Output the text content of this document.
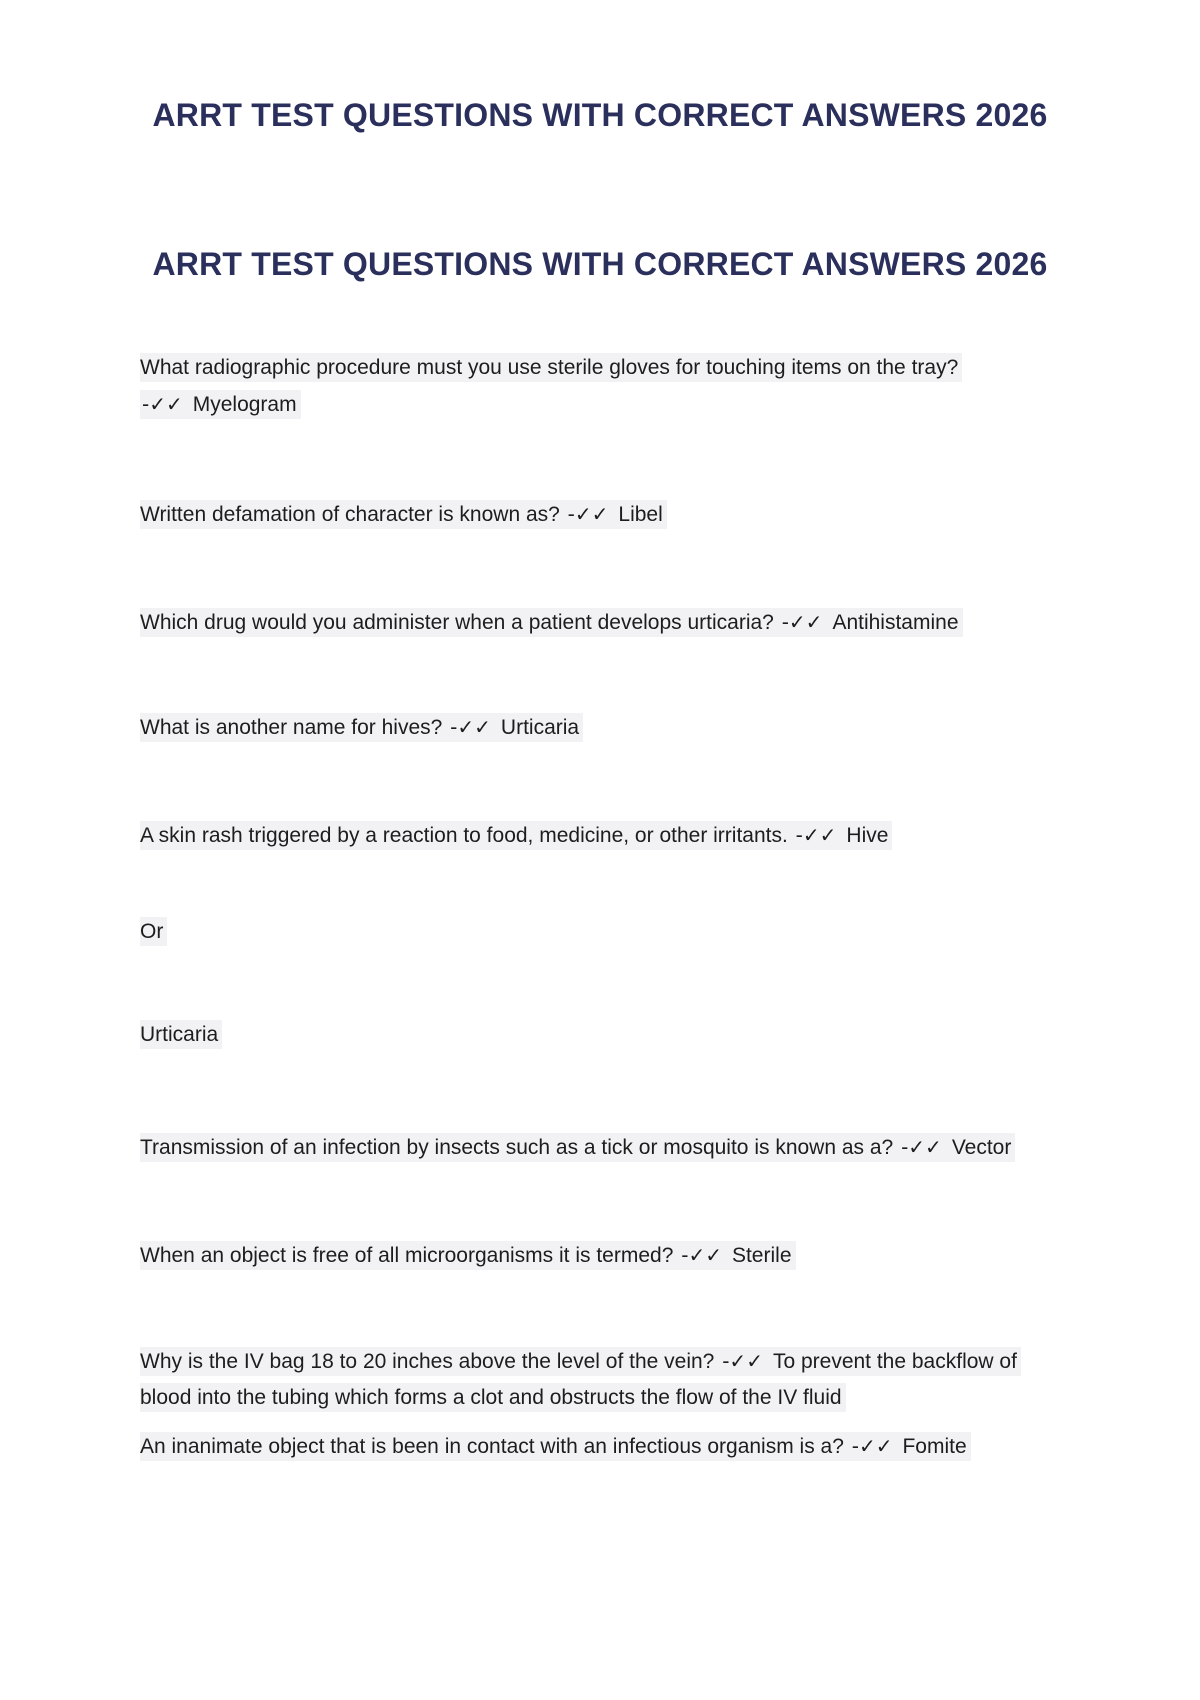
ARRT TEST QUESTIONS WITH CORRECT ANSWERS 2026
ARRT TEST QUESTIONS WITH CORRECT ANSWERS 2026

What radiographic procedure must you use sterile gloves for touching items on the tray? -✓✓ Myelogram

Written defamation of character is known as? -✓✓ Libel

Which drug would you administer when a patient develops urticaria? -✓✓ Antihistamine

What is another name for hives? -✓✓ Urticaria

A skin rash triggered by a reaction to food, medicine, or other irritants. -✓✓ Hive

Or

Urticaria

Transmission of an infection by insects such as a tick or mosquito is known as a? -✓✓ Vector

When an object is free of all microorganisms it is termed? -✓✓ Sterile

Why is the IV bag 18 to 20 inches above the level of the vein? -✓✓ To prevent the backflow of blood into the tubing which forms a clot and obstructs the flow of the IV fluid

An inanimate object that is been in contact with an infectious organism is a? -✓✓ Fomite
